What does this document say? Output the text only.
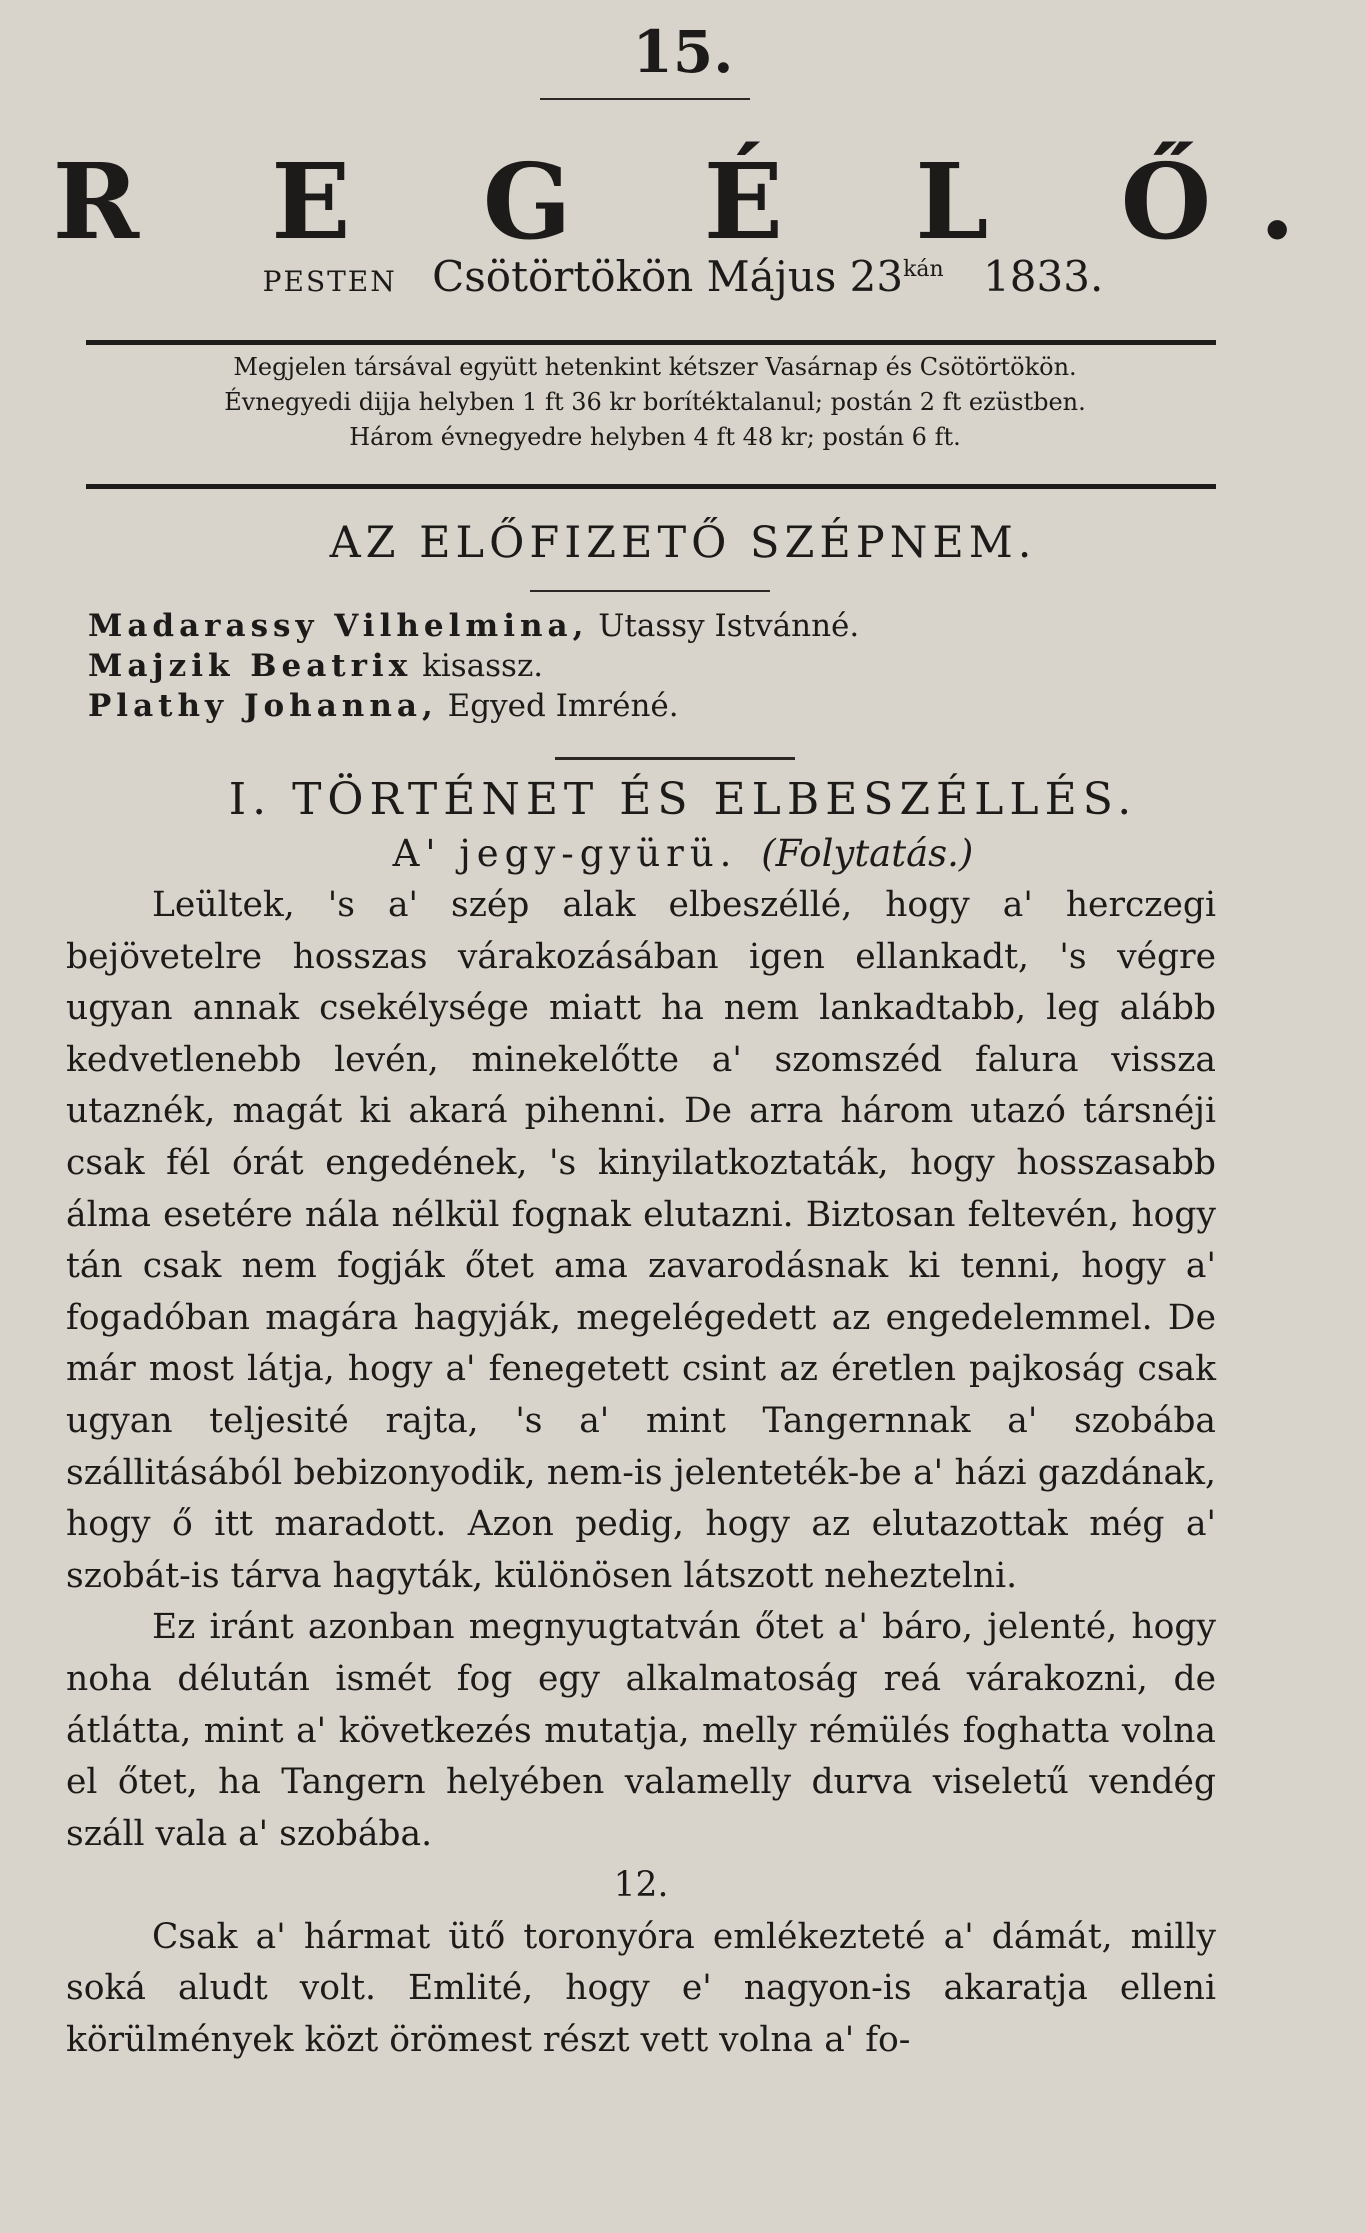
15.
R E G É L Ő.
PESTEN Csötörtökön Május $23^{kán}$ 1833.
Megjelen társával együtt hetenkint kétszer Vasárnap és Csötörtökön.
Évnegyedi dijja helyben 1 ft 36 kr borítéktalanul; postán 2 ft ezüstben.
Három évnegyedre helyben 4 ft 48 kr; postán 6 ft.
AZ ELŐFIZETŐ SZÉPNEM.
Madarassy Vilhelmina, Utassy Istvánné.
Majzik Beatrix kisassz.
Plathy Johanna, Egyed Imréné.
I. TÖRTÉNET ÉS ELBESZÉLLÉS.
A' jegy-gyürü. (Folytatás.)

Leültek, 's a' szép alak elbeszéllé, hogy a' herczegi bejövetelre hosszas várakozásában igen ellankadt, 's végre ugyan annak csekélysége miatt ha nem lankadtabb, leg alább kedvetlenebb levén, minekelőtte a' szomszéd falura vissza utaznék, magát ki akará pihenni. De arra három utazó társnéji csak fél órát engedének, 's kinyilatkoztaták, hogy hosszasabb álma esetére nála nélkül fognak elutazni. Biztosan feltevén, hogy tán csak nem fogják őtet ama zavarodásnak ki tenni, hogy a' fogadóban magára hagyják, megelégedett az engedelemmel. De már most látja, hogy a' fenegetett csint az éretlen pajkoság csak ugyan teljesité rajta, 's a' mint Tangernnak a' szobába szállitásából bebizonyodik, nem-is jelenteték-be a' házi gazdának, hogy ő itt maradott. Azon pedig, hogy az elutazottak még a' szobát-is tárva hagyták, különösen látszott neheztelni.

Ez iránt azonban megnyugtatván őtet a' báro, jelenté, hogy noha délután ismét fog egy alkalmatoság reá várakozni, de átlátta, mint a' következés mutatja, melly rémülés foghatta volna el őtet, ha Tangern helyében valamelly durva viseletű vendég száll vala a' szobába.

12.

Csak a' hármat ütő toronyóra emlékezteté a' dámát, milly soká aludt volt. Emlité, hogy e' nagyon-is akaratja elleni körülmények közt örömest részt vett volna a' fo-
